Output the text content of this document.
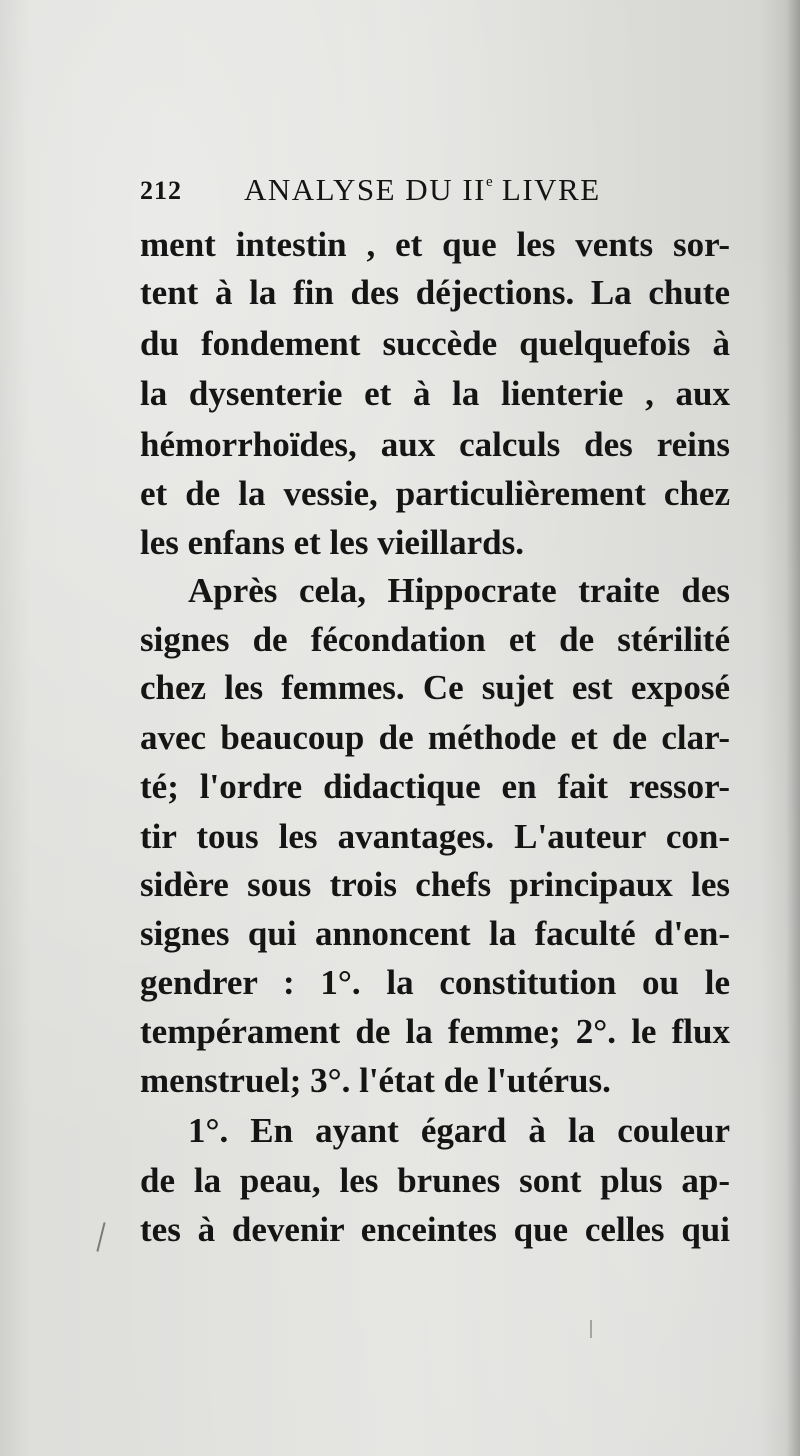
212 ANALYSE DU IIe LIVRE
ment intestin , et que les vents sor-
tent à la fin des déjections. La chute
du fondement succède quelquefois à
la dysenterie et à la lienterie , aux
hémorrhoïdes, aux calculs des reins
et de la vessie, particulièrement chez
les enfans et les vieillards.
Après cela, Hippocrate traite des
signes de fécondation et de stérilité
chez les femmes. Ce sujet est exposé
avec beaucoup de méthode et de clar-
té; l'ordre didactique en fait ressor-
tir tous les avantages. L'auteur con-
sidère sous trois chefs principaux les
signes qui annoncent la faculté d'en-
gendrer : 1°. la constitution ou le
tempérament de la femme; 2°. le flux
menstruel; 3°. l'état de l'utérus.
1°. En ayant égard à la couleur
de la peau, les brunes sont plus ap-
tes à devenir enceintes que celles qui
